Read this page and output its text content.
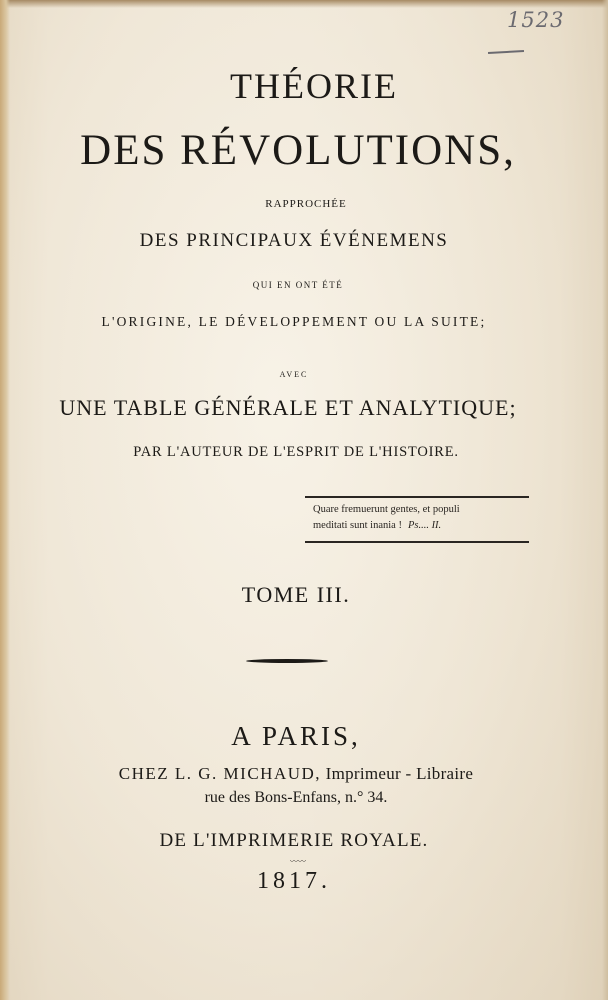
1523
THÉORIE
DES RÉVOLUTIONS,
RAPPROCHÉE
DES PRINCIPAUX ÉVÉNEMENS
QUI EN ONT ÉTÉ
L'ORIGINE, LE DÉVELOPPEMENT OU LA SUITE;
AVEC
UNE TABLE GÉNÉRALE ET ANALYTIQUE;
PAR L'AUTEUR DE L'ESPRIT DE L'HISTOIRE.
Quare fremuerunt gentes, et populi
meditati sunt inania ! Ps.... II.
TOME III.
A PARIS,
CHEZ L. G. MICHAUD, Imprimeur - Libraire
rue des Bons-Enfans, n.° 34.
DE L'IMPRIMERIE ROYALE.
〰〰
1817.
